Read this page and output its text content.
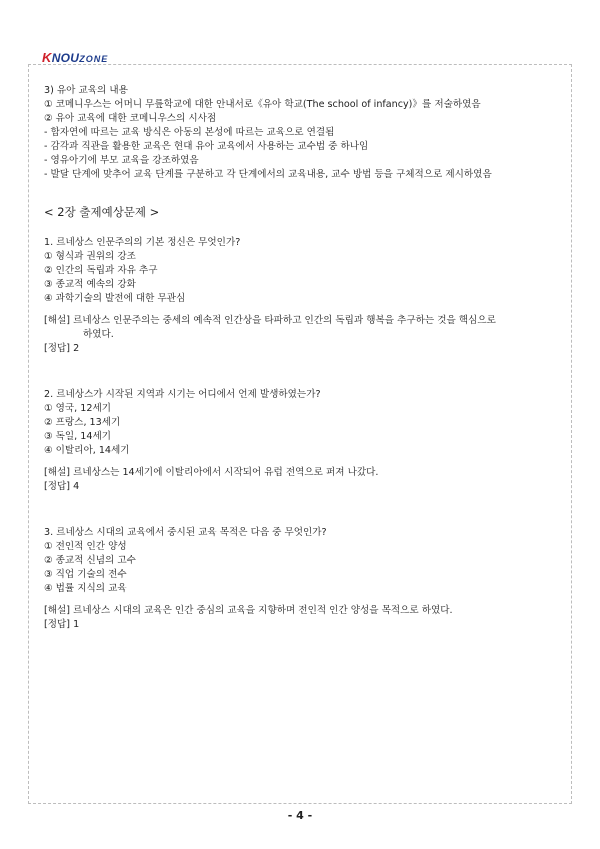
KNOUZONE
3) 유아 교육의 내용
① 코메니우스는 어머니 무릎학교에 대한 안내서로《유아 학교(The school of infancy)》를 저술하였음
② 유아 교육에 대한 코메니우스의 시사점
- 합자연에 따르는 교육 방식은 아동의 본성에 따르는 교육으로 연결됨
- 감각과 직관을 활용한 교육은 현대 유아 교육에서 사용하는 교수법 중 하나임
- 영유아기에 부모 교육을 강조하였음
- 발달 단계에 맞추어 교육 단계를 구분하고 각 단계에서의 교육내용, 교수 방법 등을 구체적으로 제시하였음
< 2장 출제예상문제 >
1. 르네상스 인문주의의 기본 정신은 무엇인가?
① 형식과 권위의 강조
② 인간의 독립과 자유 추구
③ 종교적 예속의 강화
④ 과학기술의 발전에 대한 무관심
[해설] 르네상스 인문주의는 중세의 예속적 인간상을 타파하고 인간의 독립과 행복을 추구하는 것을 핵심으로
하였다.
[정답] 2
2. 르네상스가 시작된 지역과 시기는 어디에서 언제 발생하였는가?
① 영국, 12세기
② 프랑스, 13세기
③ 독일, 14세기
④ 이탈리아, 14세기
[해설] 르네상스는 14세기에 이탈리아에서 시작되어 유럽 전역으로 퍼져 나갔다.
[정답] 4
3. 르네상스 시대의 교육에서 중시된 교육 목적은 다음 중 무엇인가?
① 전인적 인간 양성
② 종교적 신념의 고수
③ 직업 기술의 전수
④ 법률 지식의 교육
[해설] 르네상스 시대의 교육은 인간 중심의 교육을 지향하며 전인적 인간 양성을 목적으로 하였다.
[정답] 1
- 4 -
